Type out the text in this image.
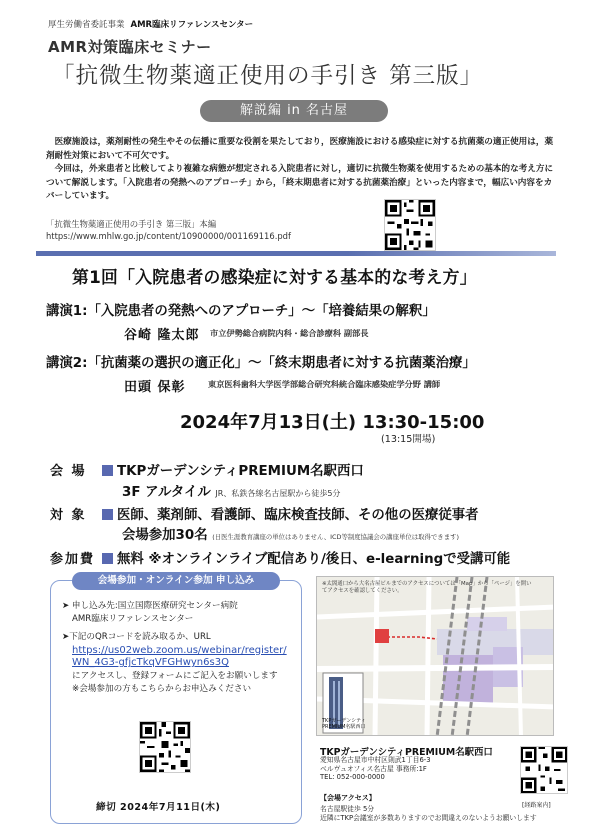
厚生労働省委託事業 AMR臨床リファレンスセンター
AMR対策臨床セミナー
「抗微生物薬適正使用の手引き 第三版」
解説編 in 名古屋

医療施設は，薬剤耐性の発生やその伝播に重要な役割を果たしており，医療施設における感染症に対する抗菌薬の適正使用は，薬剤耐性対策において不可欠です。

今回は，外来患者と比較してより複雑な病態が想定される入院患者に対し，適切に抗微生物薬を使用するための基本的な考え方について解説します。「入院患者の発熱へのアプローチ」から，「終末期患者に対する抗菌薬治療」といった内容まで，幅広い内容をカバーしています。

「抗微生物薬適正使用の手引き 第三版」本編
https://www.mhlw.go.jp/content/10900000/001169116.pdf
第1回「入院患者の感染症に対する基本的な考え方」
講演1:「入院患者の発熱へのアプローチ」〜「培養結果の解釈」
谷崎 隆太郎 市立伊勢総合病院内科・総合診療科 副部長
講演2:「抗菌薬の選択の適正化」〜「終末期患者に対する抗菌薬治療」
田頭 保彰	東京医科歯科大学医学部総合研究科統合臨床感染症学分野 講師
2024年7月13日(土) 13:30-15:00
(13:15開場)
会 場	TKPガーデンシティPREMIUM名駅西口
3F アルタイル JR、私鉄各線名古屋駅から徒歩5分
対 象	医師、薬剤師、看護師、臨床検査技師、その他の医療従事者
会場参加30名 (日医生涯教育講座の単位はありません、ICD等制度協議会の講座単位は取得できます)
参加費	無料 ※オンラインライブ配信あり/後日、e-learningで受講可能
会場参加・オンライン参加 申し込み
➤ 申し込み先:国立国際医療研究センター病院
AMR臨床リファレンスセンター
➤下記のQRコードを読み取るか、URL
https://us02web.zoom.us/webinar/register/WN_4G3-gfjcTkqVFGHwyn6s3Q
にアクセスし、登録フォームにご記入をお願いします
※会場参加の方もこちらからお申込みください
締切 2024年7月11日(木)
※太閤通口から大名古屋ビルまでのアクセスについては「Map」から「ページ」を開いてアクセスを確認してください。
TKPガーデンシティ PREMIUM名駅西口
TKPガーデンシティPREMIUM名駅西口
愛知県名古屋市中村区則武1丁目6-3
ベルヴュオフィス名古屋 事務所:1F
TEL: 052-000-0000
【会場アクセス】
名古屋駅徒歩 5分
近隣にTKP会議室が多数ありますのでお間違えのないようお願いします
[経路案内]
